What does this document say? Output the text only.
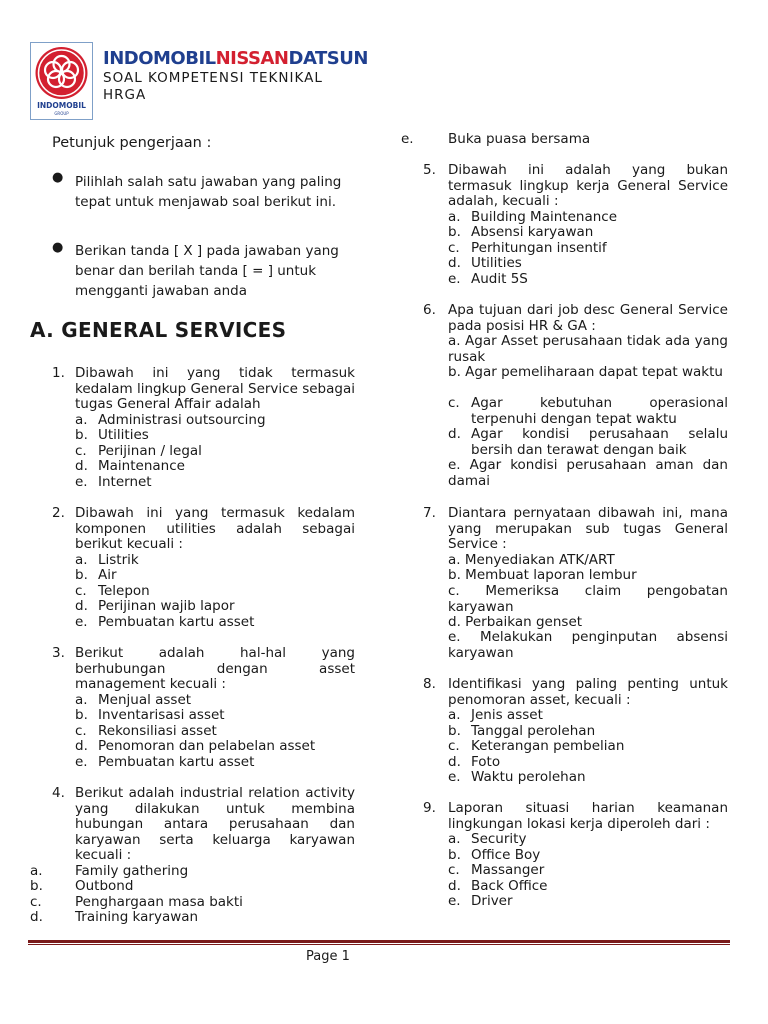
INDOMOBIL
GROUP
INDOMOBILNISSANDATSUN
SOAL KOMPETENSI TEKNIKAL
HRGA
Petunjuk pengerjaan :
● Pilihlah salah satu jawaban yang paling tepat untuk menjawab soal berikut ini.
● Berikan tanda [ X ] pada jawaban yang benar dan berilah tanda [ = ] untuk mengganti jawaban anda
A. GENERAL SERVICES
1. Dibawah ini yang tidak termasuk kedalam lingkup General Service sebagai tugas General Affair adalah
a. Administrasi outsourcing
b. Utilities
c. Perijinan / legal
d. Maintenance
e. Internet
2. Dibawah ini yang termasuk kedalam komponen utilities adalah sebagai berikut kecuali :
a. Listrik
b. Air
c. Telepon
d. Perijinan wajib lapor
e. Pembuatan kartu asset
3. Berikut adalah hal-hal yang berhubungan dengan asset management kecuali :
a. Menjual asset
b. Inventarisasi asset
c. Rekonsiliasi asset
d. Penomoran dan pelabelan asset
e. Pembuatan kartu asset
4. Berikut adalah industrial relation activity yang dilakukan untuk membina hubungan antara perusahaan dan karyawan serta keluarga karyawan kecuali :
a. Family gathering
b. Outbond
c. Penghargaan masa bakti
d. Training karyawan
e.	Buka puasa bersama
5. Dibawah ini adalah yang bukan termasuk lingkup kerja General Service adalah, kecuali :
a. Building Maintenance
b. Absensi karyawan
c. Perhitungan insentif
d. Utilities
e. Audit 5S
6. Apa tujuan dari job desc General Service pada posisi HR & GA :
a. Agar Asset perusahaan tidak ada yang rusak
b. Agar pemeliharaan dapat tepat waktu
c. Agar kebutuhan operasional terpenuhi dengan tepat waktu
d. Agar kondisi perusahaan selalu bersih dan terawat dengan baik
e. Agar kondisi perusahaan aman dan damai
7. Diantara pernyataan dibawah ini, mana yang merupakan sub tugas General Service :
a. Menyediakan ATK/ART
b. Membuat laporan lembur
c. Memeriksa claim pengobatan karyawan
d. Perbaikan genset
e. Melakukan penginputan absensi karyawan
8. Identifikasi yang paling penting untuk penomoran asset, kecuali :
a. Jenis asset
b. Tanggal perolehan
c. Keterangan pembelian
d. Foto
e. Waktu perolehan
9. Laporan situasi harian keamanan lingkungan lokasi kerja diperoleh dari :
a. Security
b. Office Boy
c. Massanger
d. Back Office
e. Driver
Page 1
